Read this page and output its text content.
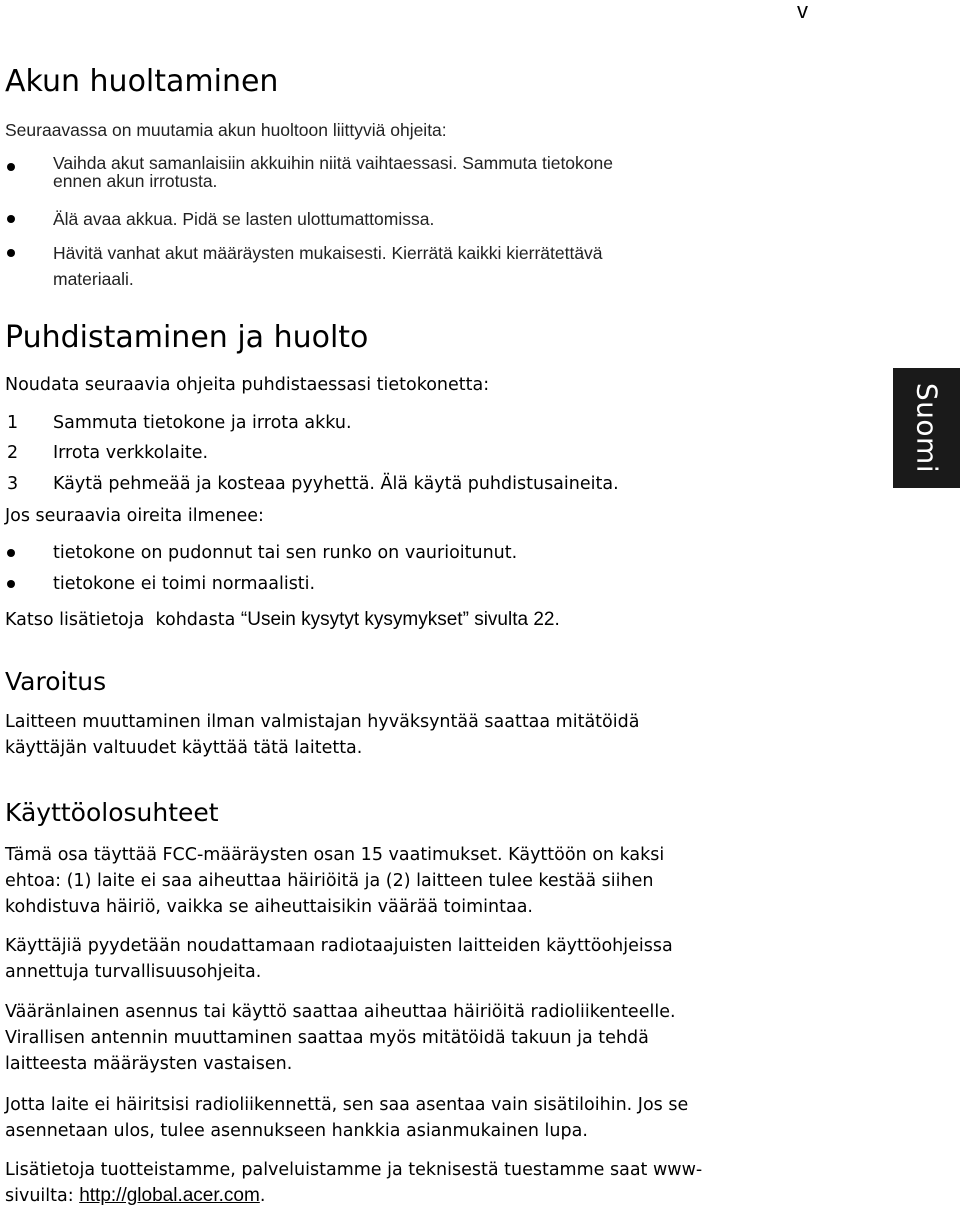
v
Suomi
Akun huoltaminen
Seuraavassa on muutamia akun huoltoon liittyviä ohjeita:
Vaihda akut samanlaisiin akkuihin niitä vaihtaessasi. Sammuta tietokone
ennen akun irrotusta.
Älä avaa akkua. Pidä se lasten ulottumattomissa.
Hävitä vanhat akut määräysten mukaisesti. Kierrätä kaikki kierrätettävä
materiaali.
Puhdistaminen ja huolto
Noudata seuraavia ohjeita puhdistaessasi tietokonetta:
1 Sammuta tietokone ja irrota akku.
2 Irrota verkkolaite.
3 Käytä pehmeää ja kosteaa pyyhettä. Älä käytä puhdistusaineita.
Jos seuraavia oireita ilmenee:
tietokone on pudonnut tai sen runko on vaurioitunut.
tietokone ei toimi normaalisti.
Katso lisätietoja  kohdasta “Usein kysytyt kysymykset” sivulta 22.
Varoitus
Laitteen muuttaminen ilman valmistajan hyväksyntää saattaa mitätöidä
käyttäjän valtuudet käyttää tätä laitetta.
Käyttöolosuhteet
Tämä osa täyttää FCC-määräysten osan 15 vaatimukset. Käyttöön on kaksi
ehtoa: (1) laite ei saa aiheuttaa häiriöitä ja (2) laitteen tulee kestää siihen
kohdistuva häiriö, vaikka se aiheuttaisikin väärää toimintaa.
Käyttäjiä pyydetään noudattamaan radiotaajuisten laitteiden käyttöohjeissa
annettuja turvallisuusohjeita.
Vääränlainen asennus tai käyttö saattaa aiheuttaa häiriöitä radioliikenteelle.
Virallisen antennin muuttaminen saattaa myös mitätöidä takuun ja tehdä
laitteesta määräysten vastaisen.
Jotta laite ei häiritsisi radioliikennettä, sen saa asentaa vain sisätiloihin. Jos se
asennetaan ulos, tulee asennukseen hankkia asianmukainen lupa.
Lisätietoja tuotteistamme, palveluistamme ja teknisestä tuestamme saat www-
sivuilta: http://global.acer.com.
